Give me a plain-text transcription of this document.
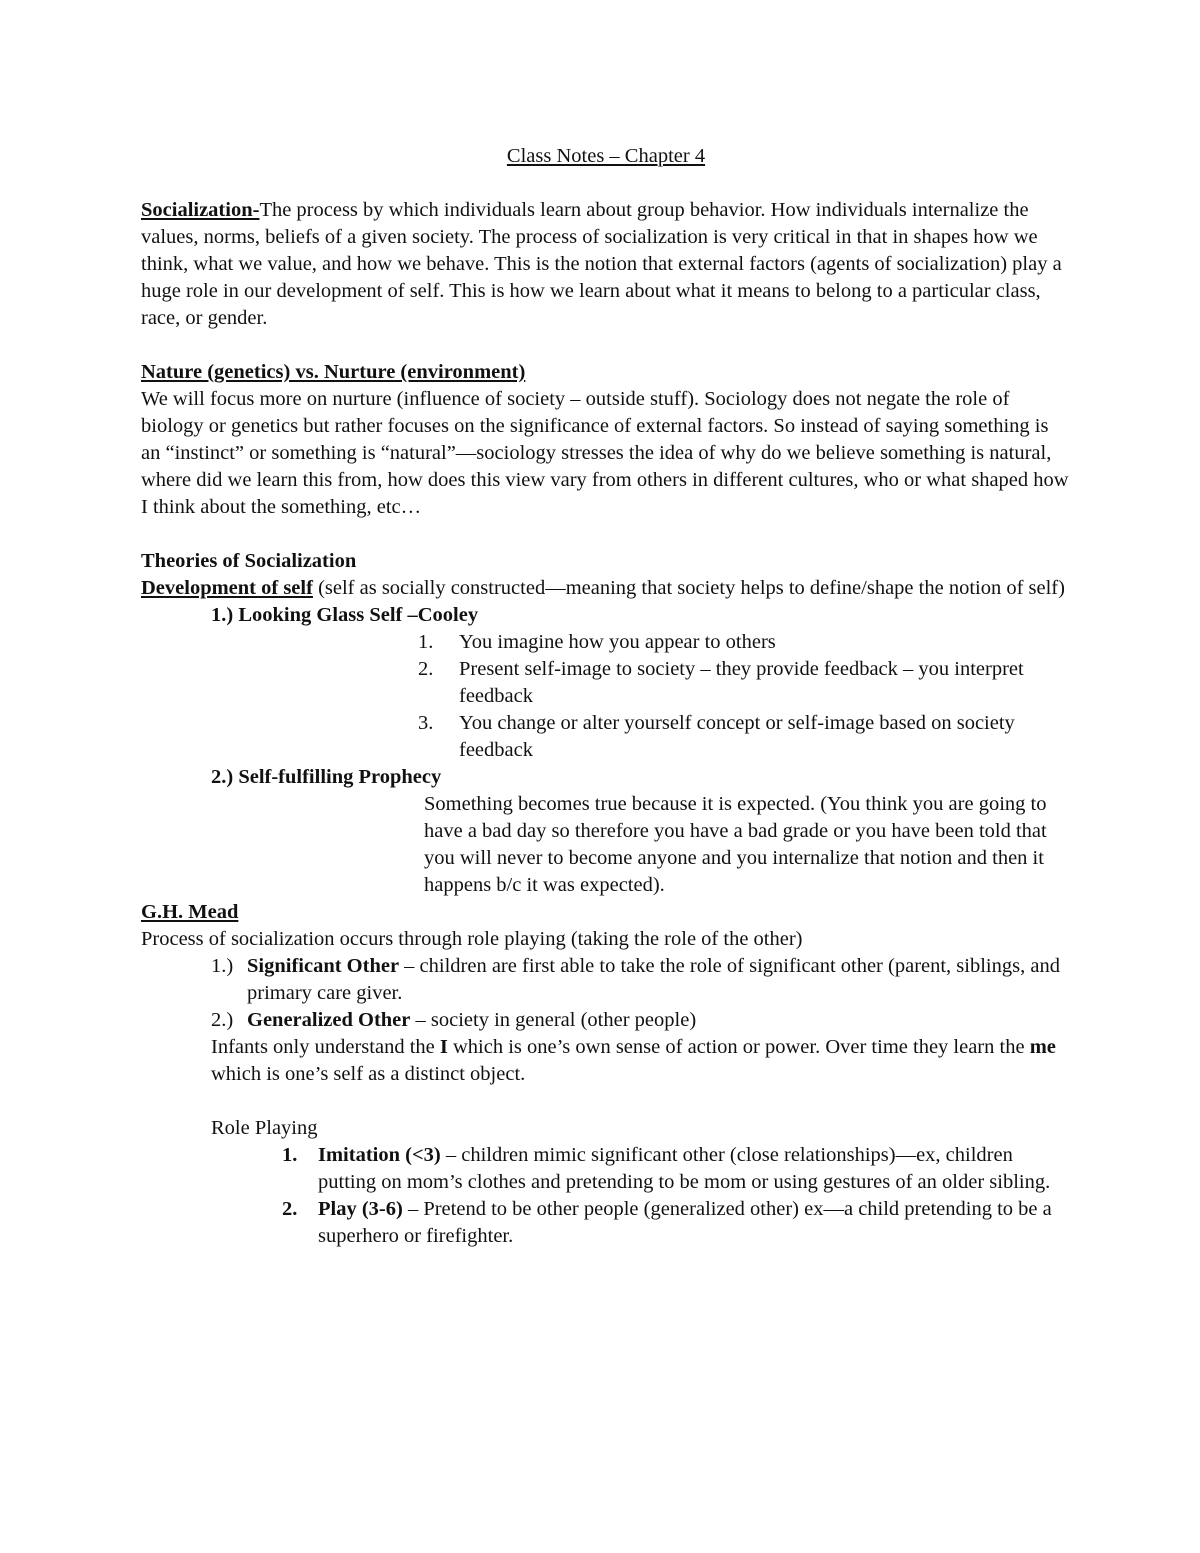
Class Notes – Chapter 4

Socialization-The process by which individuals learn about group behavior. How individuals internalize the values, norms, beliefs of a given society. The process of socialization is very critical in that in shapes how we think, what we value, and how we behave. This is the notion that external factors (agents of socialization) play a huge role in our development of self. This is how we learn about what it means to belong to a particular class, race, or gender.

Nature (genetics) vs. Nurture (environment)

We will focus more on nurture (influence of society – outside stuff). Sociology does not negate the role of biology or genetics but rather focuses on the significance of external factors. So instead of saying something is an “instinct” or something is “natural”—sociology stresses the idea of why do we believe something is natural, where did we learn this from, how does this view vary from others in different cultures, who or what shaped how I think about the something, etc…

Theories of Socialization

Development of self (self as socially constructed—meaning that society helps to define/shape the notion of self)

1.) Looking Glass Self –Cooley

1.	You imagine how you appear to others
2.	Present self-image to society – they provide feedback – you interpret feedback
3.	You change or alter yourself concept or self-image based on society feedback

2.) Self-fulfilling Prophecy

Something becomes true because it is expected. (You think you are going to have a bad day so therefore you have a bad grade or you have been told that you will never to become anyone and you internalize that notion and then it happens b/c it was expected).

G.H. Mead

Process of socialization occurs through role playing (taking the role of the other)

1.) Significant Other – children are first able to take the role of significant other (parent, siblings, and primary care giver.
2.) Generalized Other – society in general (other people)

Infants only understand the I which is one’s own sense of action or power. Over time they learn the me which is one’s self as a distinct object.

Role Playing

1.	Imitation (<3) – children mimic significant other (close relationships)—ex, children putting on mom’s clothes and pretending to be mom or using gestures of an older sibling.
2.	Play (3-6) – Pretend to be other people (generalized other) ex—a child pretending to be a superhero or firefighter.
